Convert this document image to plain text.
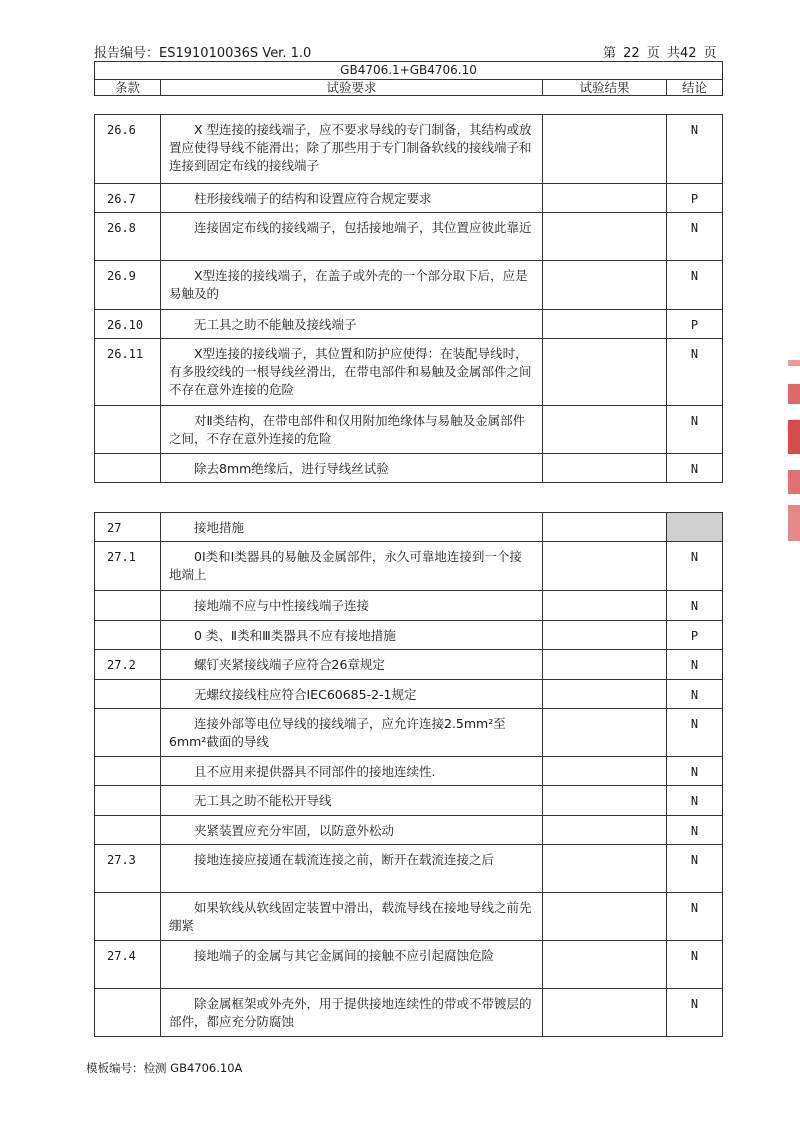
报告编号：ES191010036S Ver. 1.0	第 22 页 共42 页
GB4706.1+GB4706.10
条款	试验要求	试验结果	结论
26.6	X 型连接的接线端子，应不要求导线的专门制备，其结构或放置应使得导线不能滑出；除了那些用于专门制备软线的接线端子和连接到固定布线的接线端子		N
26.7	柱形接线端子的结构和设置应符合规定要求		P
26.8	连接固定布线的接线端子，包括接地端子，其位置应彼此靠近		N
26.9	X型连接的接线端子，在盖子或外壳的一个部分取下后，应是易触及的		N
26.10	无工具之助不能触及接线端子		P
26.11	X型连接的接线端子，其位置和防护应使得：在装配导线时，有多股绞线的一根导线丝滑出，在带电部件和易触及金属部件之间不存在意外连接的危险		N
	对Ⅱ类结构，在带电部件和仅用附加绝缘体与易触及金属部件之间，不存在意外连接的危险		N
	除去8mm绝缘后，进行导线丝试验		N
27	接地措施		
27.1	0Ⅰ类和Ⅰ类器具的易触及金属部件，永久可靠地连接到一个接地端上		N
	接地端不应与中性接线端子连接		N
	0 类、Ⅱ类和Ⅲ类器具不应有接地措施		P
27.2	螺钉夹紧接线端子应符合26章规定		N
	无螺纹接线柱应符合IEC60685-2-1规定		N
	连接外部等电位导线的接线端子，应允许连接2.5mm²至6mm²截面的导线		N
	且不应用来提供器具不同部件的接地连续性.		N
	无工具之助不能松开导线		N
	夹紧装置应充分牢固，以防意外松动		N
27.3	接地连接应接通在载流连接之前，断开在载流连接之后		N
	如果软线从软线固定装置中滑出，载流导线在接地导线之前先绷紧		N
27.4	接地端子的金属与其它金属间的接触不应引起腐蚀危险		N
	除金属框架或外壳外，用于提供接地连续性的带或不带镀层的部件，都应充分防腐蚀		N
模板编号：检测 GB4706.10A
